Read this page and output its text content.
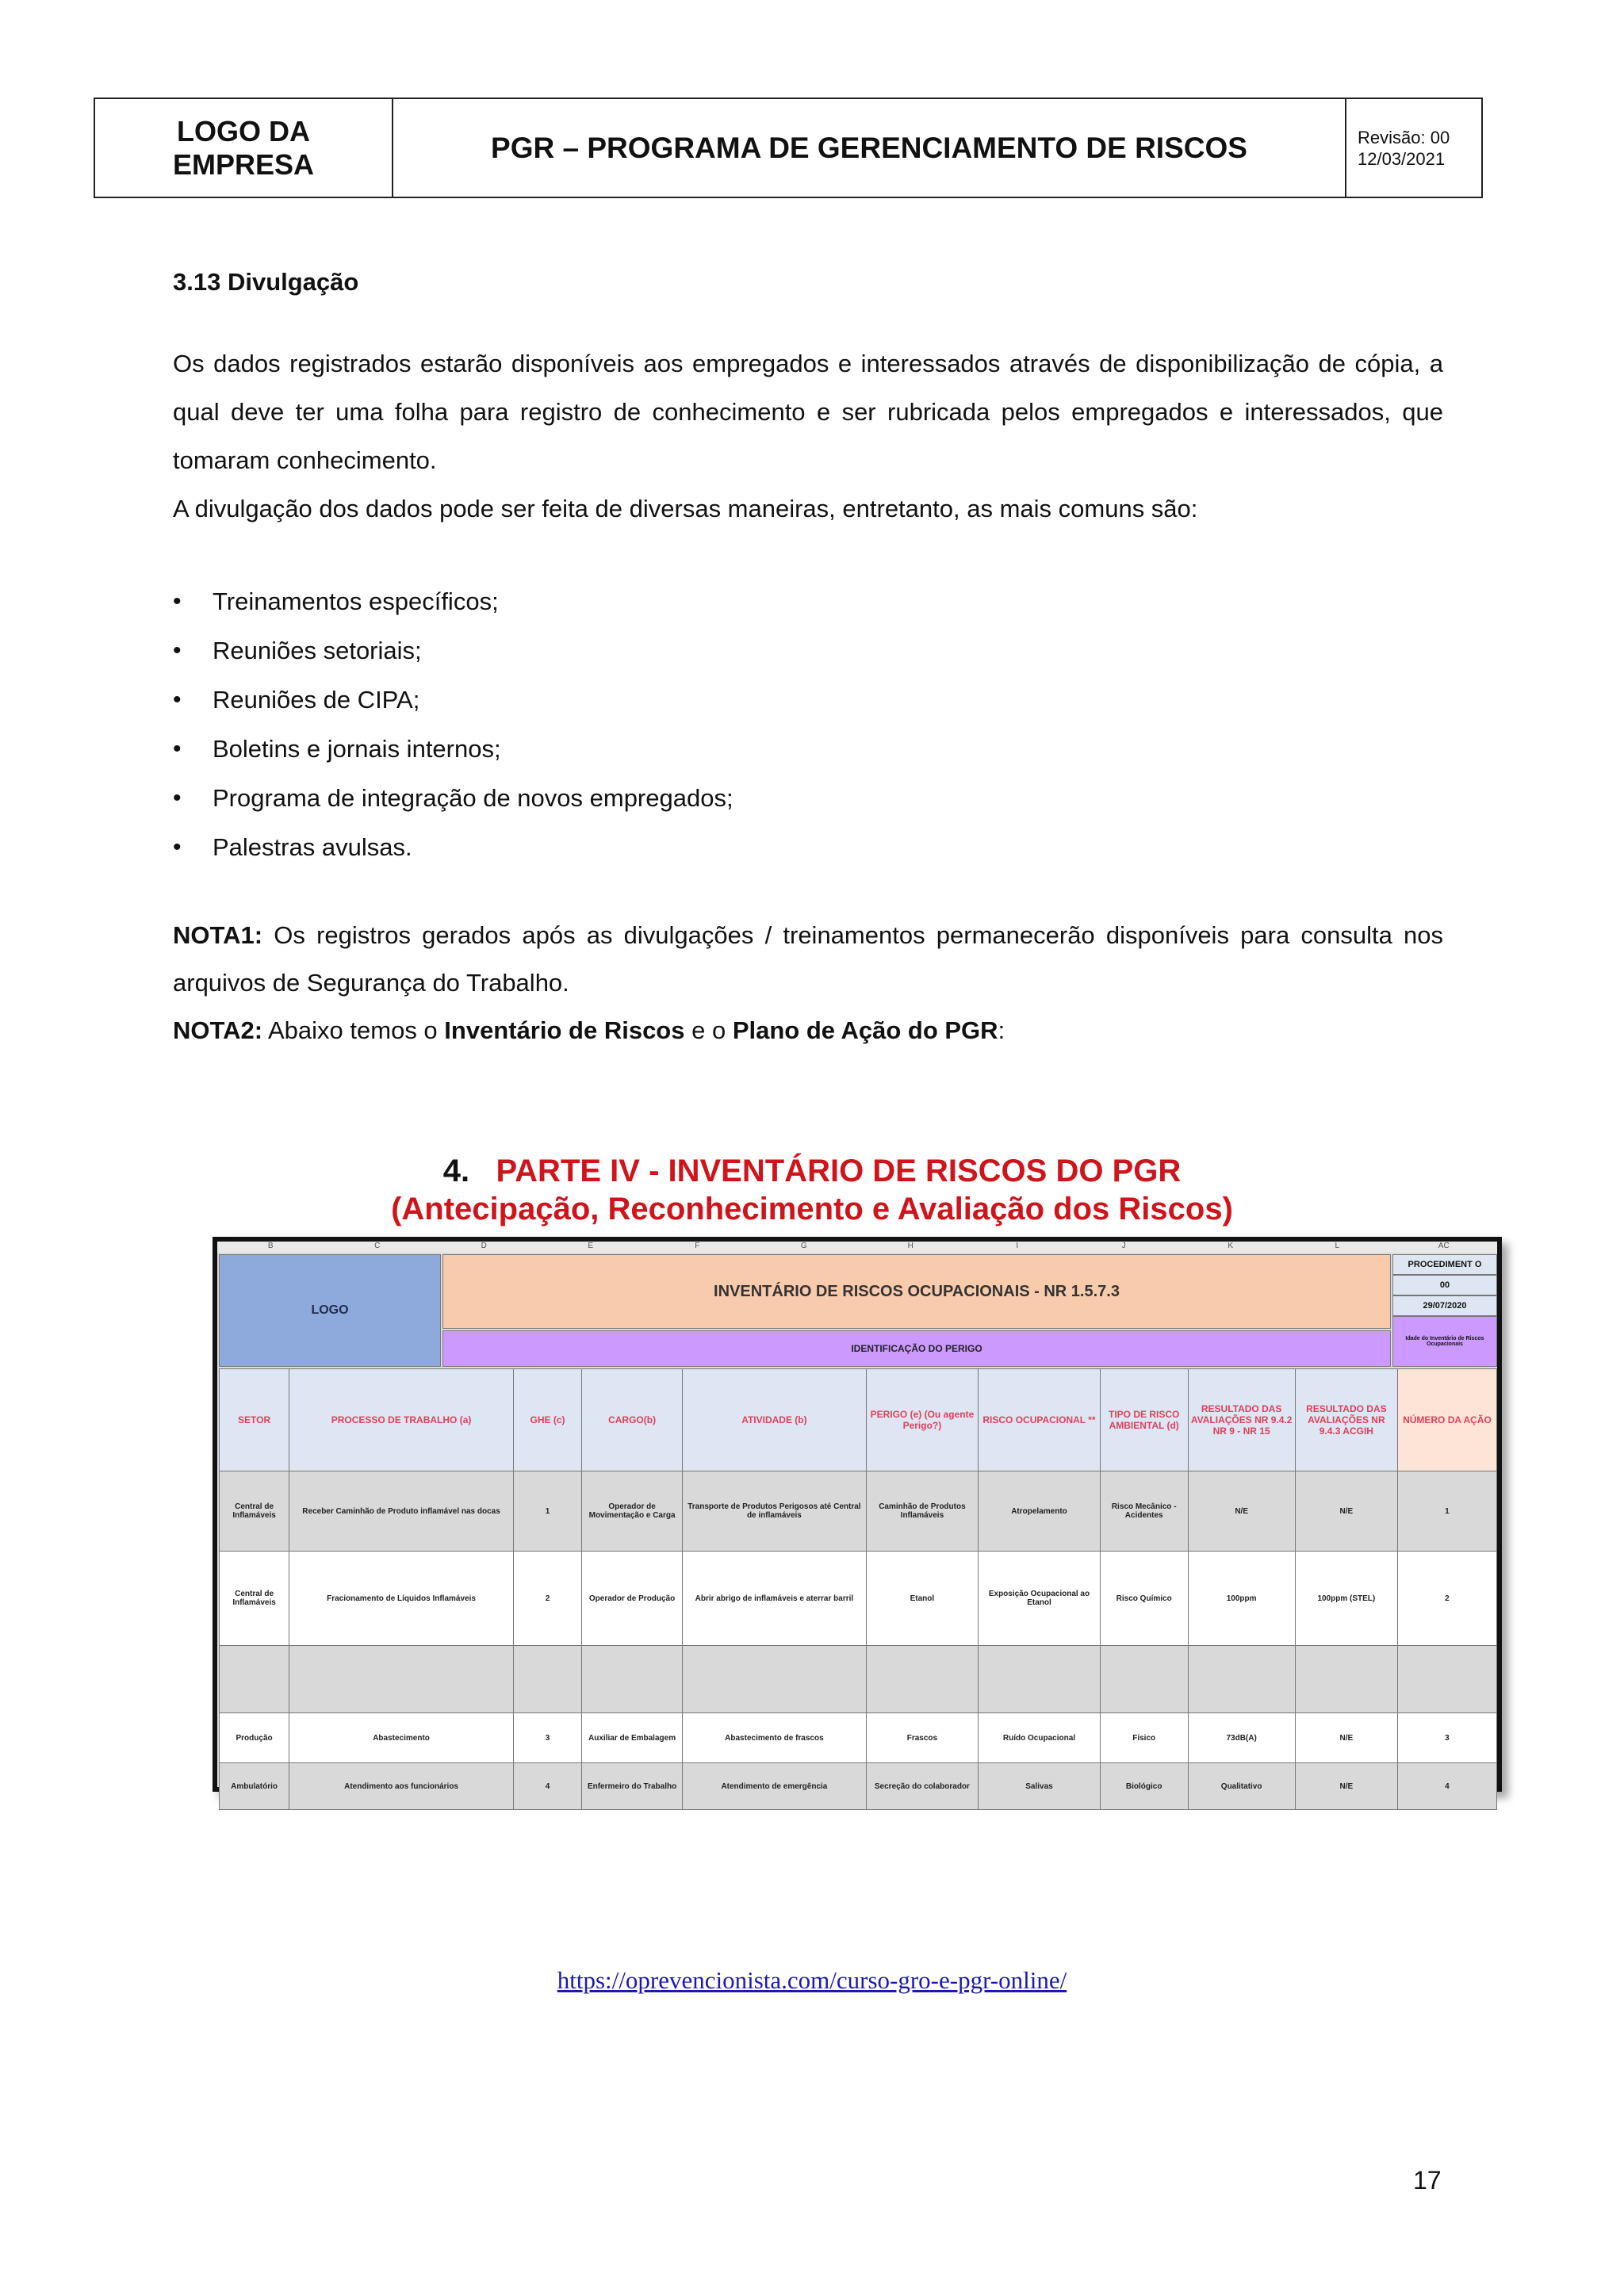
LOGO DA
EMPRESA
PGR – PROGRAMA DE GERENCIAMENTO DE RISCOS	Revisão: 00
12/03/2021
3.13 Divulgação

Os dados registrados estarão disponíveis aos empregados e interessados através de disponibilização de cópia, a qual deve ter uma folha para registro de conhecimento e ser rubricada pelos empregados e interessados, que tomaram conhecimento.

A divulgação dos dados pode ser feita de diversas maneiras, entretanto, as mais comuns são:

•	Treinamentos específicos;
•	Reuniões setoriais;
•	Reuniões de CIPA;
•	Boletins e jornais internos;
•	Programa de integração de novos empregados;
•	Palestras avulsas.

NOTA1: Os registros gerados após as divulgações / treinamentos permanecerão disponíveis para consulta nos arquivos de Segurança do Trabalho.

NOTA2: Abaixo temos o Inventário de Riscos e o Plano de Ação do PGR:

4. PARTE IV - INVENTÁRIO DE RISCOS DO PGR
(Antecipação, Reconhecimento e Avaliação dos Riscos)
B	C	D	E	F	G	H	I	J	K	L	AC
LOGO
INVENTÁRIO DE RISCOS OCUPACIONAIS - NR 1.5.7.3
IDENTIFICAÇÃO DO PERIGO
PROCEDIMENT O
00
29/07/2020
Idade do Inventário de Riscos Ocupacionais
SETOR	PROCESSO DE TRABALHO (a)	GHE (c)	CARGO(b)	ATIVIDADE (b)	PERIGO (e) (Ou agente Perigo?)	RISCO OCUPACIONAL **	TIPO DE RISCO AMBIENTAL (d)	RESULTADO DAS AVALIAÇÕES NR 9.4.2 NR 9 - NR 15	RESULTADO DAS AVALIAÇÕES NR 9.4.3 ACGIH	NÚMERO DA AÇÃO
Central de Inflamáveis	Receber Caminhão de Produto inflamável nas docas	1	Operador de Movimentação e Carga	Transporte de Produtos Perigosos até Central de inflamáveis	Caminhão de Produtos Inflamáveis	Atropelamento	Risco Mecânico - Acidentes	N/E	N/E	1
Central de Inflamáveis	Fracionamento de Líquidos Inflamáveis	2	Operador de Produção	Abrir abrigo de inflamáveis e aterrar barril	Etanol	Exposição Ocupacional ao Etanol	Risco Químico	100ppm	100ppm (STEL)	2

Produção	Abastecimento	3	Auxiliar de Embalagem	Abastecimento de frascos	Frascos	Ruído Ocupacional	Físico	73dB(A)	N/E	3
Ambulatório	Atendimento aos funcionários	4	Enfermeiro do Trabalho	Atendimento de emergência	Secreção do colaborador	Salivas	Biológico	Qualitativo	N/E	4
https://oprevencionista.com/curso-gro-e-pgr-online/
17
